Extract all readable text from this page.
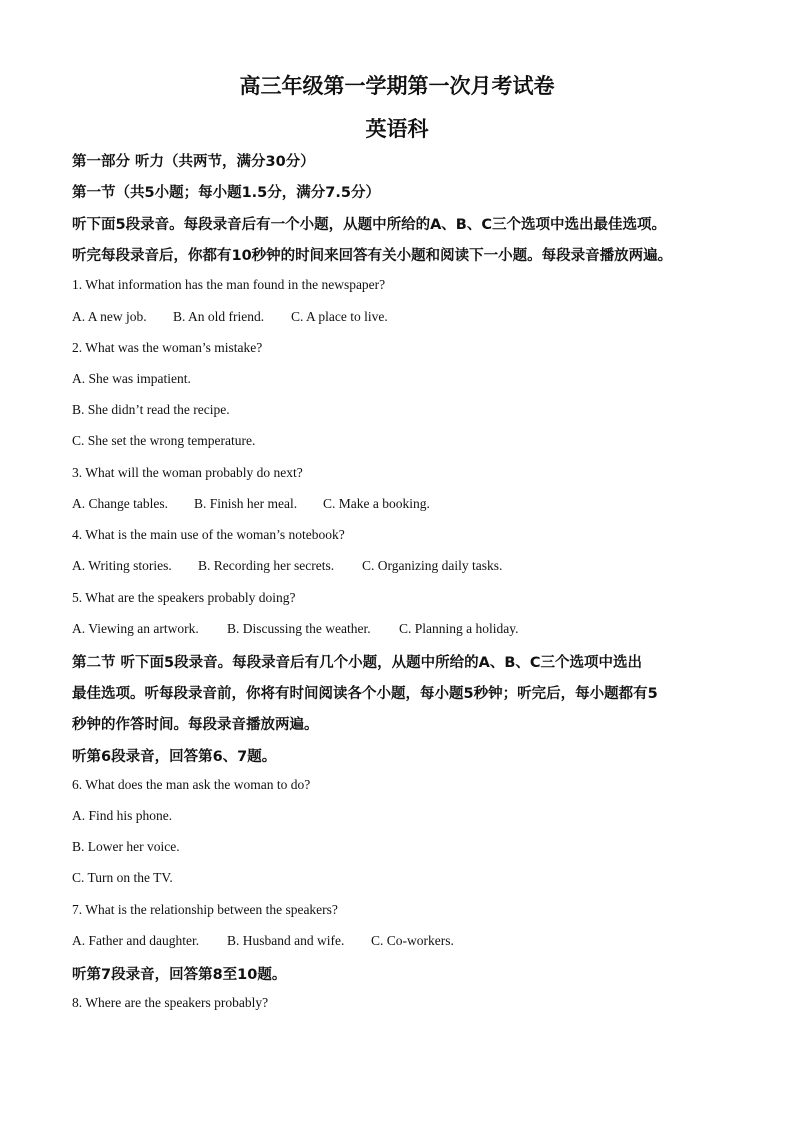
高三年级第一学期第一次月考试卷
英语科
第一部分 听力（共两节，满分30分）
第一节（共5小题；每小题1.5分，满分7.5分）
听下面5段录音。每段录音后有一个小题，从题中所给的A、B、C三个选项中选出最佳选项。
听完每段录音后，你都有10秒钟的时间来回答有关小题和阅读下一小题。每段录音播放两遍。
1. What information has the man found in the newspaper?
A. A new job. B. An old friend. C. A place to live.
2. What was the woman’s mistake?
A. She was impatient.
B. She didn’t read the recipe.
C. She set the wrong temperature.
3. What will the woman probably do next?
A. Change tables. B. Finish her meal. C. Make a booking.
4. What is the main use of the woman’s notebook?
A. Writing stories. B. Recording her secrets. C. Organizing daily tasks.
5. What are the speakers probably doing?
A. Viewing an artwork. B. Discussing the weather. C. Planning a holiday.
第二节 听下面5段录音。每段录音后有几个小题，从题中所给的A、B、C三个选项中选出
最佳选项。听每段录音前，你将有时间阅读各个小题，每小题5秒钟；听完后，每小题都有5
秒钟的作答时间。每段录音播放两遍。
听第6段录音，回答第6、7题。
6. What does the man ask the woman to do?
A. Find his phone.
B. Lower her voice.
C. Turn on the TV.
7. What is the relationship between the speakers?
A. Father and daughter. B. Husband and wife. C. Co-workers.
听第7段录音，回答第8至10题。
8. Where are the speakers probably?
